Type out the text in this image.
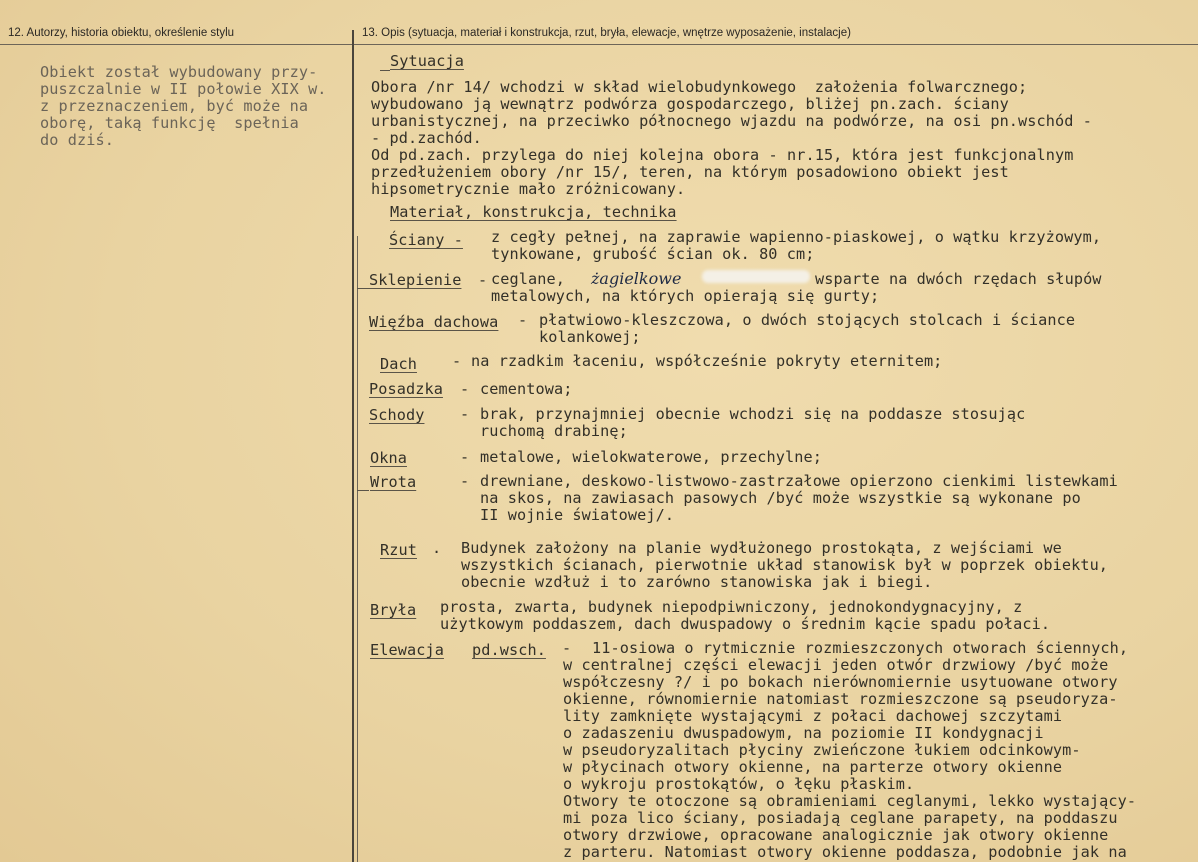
12. Autorzy, historia obiektu, określenie stylu	13. Opis (sytuacja, materiał i konstrukcja, rzut, bryła, elewacje, wnętrze wyposażenie, instalacje)
Obiekt został wybudowany przy-
puszczalnie w II połowie XIX w.
z przeznaczeniem, być może na
oborę, taką funkcję  spełnia
do dziś.
Sytuacja
Obora /nr 14/ wchodzi w skład wielobudynkowego  założenia folwarcznego;
wybudowano ją wewnątrz podwórza gospodarczego, bliżej pn.zach. ściany
urbanistycznej, na przeciwko północnego wjazdu na podwórze, na osi pn.wschód -
- pd.zachód.
Od pd.zach. przylega do niej kolejna obora - nr.15, która jest funkcjonalnym
przedłużeniem obory /nr 15/, teren, na którym posadowiono obiekt jest
hipsometrycznie mało zróżnicowany.
Materiał, konstrukcja, technika
Ściany - z cegły pełnej, na zaprawie wapienno-piaskowej, o wątku krzyżowym,
tynkowane, grubość ścian ok. 80 cm;
Sklepienie - ceglane, żagielkowe	wsparte na dwóch rzędach słupów
metalowych, na których opierają się gurty;
Więźba dachowa - płatwiowo-kleszczowa, o dwóch stojących stolcach i ściance
kolankowej;
Dach - na rzadkim łaceniu, współcześnie pokryty eternitem;
Posadzka - cementowa;
Schody - brak, przynajmniej obecnie wchodzi się na poddasze stosując
ruchomą drabinę;
Okna	- metalowe, wielokwaterowe, przechylne;
Wrota	- drewniane, deskowo-listwowo-zastrzałowe opierzono cienkimi listewkami
na skos, na zawiasach pasowych /być może wszystkie są wykonane po
II wojnie światowej/.
Rzut . Budynek założony na planie wydłużonego prostokąta, z wejściami we
wszystkich ścianach, pierwotnie układ stanowisk był w poprzek obiektu,
obecnie wzdłuż i to zarówno stanowiska jak i biegi.
Bryła prosta, zwarta, budynek niepodpiwniczony, jednokondygnacyjny, z
użytkowym poddaszem, dach dwuspadowy o średnim kącie spadu połaci.
Elewacja pd.wsch. - 11-osiowa o rytmicznie rozmieszczonych otworach ściennych,
w centralnej części elewacji jeden otwór drzwiowy /być może
współczesny ?/ i po bokach nierównomiernie usytuowane otwory
okienne, równomiernie natomiast rozmieszczone są pseudoryza-
lity zamknięte wystającymi z połaci dachowej szczytami
o zadaszeniu dwuspadowym, na poziomie II kondygnacji
w pseudoryzalitach płyciny zwieńczone łukiem odcinkowym-
w płycinach otwory okienne, na parterze otwory okienne
o wykroju prostokątów, o łęku płaskim.
Otwory te otoczone są obramieniami ceglanymi, lekko wystający-
mi poza lico ściany, posiadają ceglane parapety, na poddaszu
otwory drzwiowe, opracowane analogicznie jak otwory okienne
z parteru. Natomiast otwory okienne poddasza, podobnie jak na
